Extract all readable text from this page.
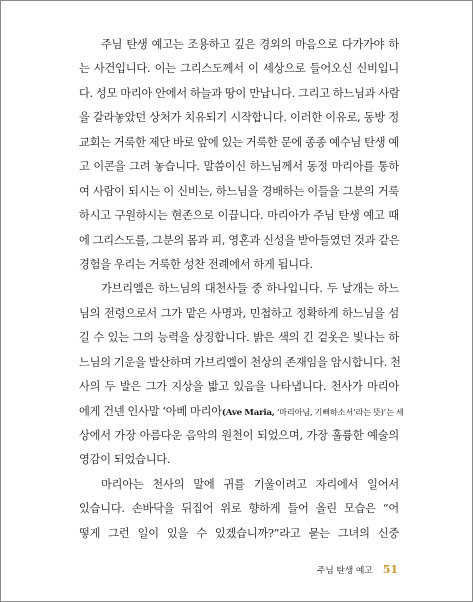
주님 탄생 예고는 조용하고 깊은 경외의 마음으로 다가가야 하
는 사건입니다. 이는 그리스도께서 이 세상으로 들어오신 신비입니
다. 성모 마리아 안에서 하늘과 땅이 만납니다. 그리고 하느님과 사람
을 갈라놓았던 상처가 치유되기 시작합니다. 이러한 이유로, 동방 정
교회는 거룩한 제단 바로 앞에 있는 거룩한 문에 종종 예수님 탄생 예
고 이콘을 그려 놓습니다. 말씀이신 하느님께서 동정 마리아를 통하
여 사람이 되시는 이 신비는, 하느님을 경배하는 이들을 그분의 거룩
하시고 구원하시는 현존으로 이끕니다. 마리아가 주님 탄생 예고 때
에 그리스도를, 그분의 몸과 피, 영혼과 신성을 받아들였던 것과 같은
경험을 우리는 거룩한 성찬 전례에서 하게 됩니다.

가브리엘은 하느님의 대천사들 중 하나입니다. 두 날개는 하느
님의 전령으로서 그가 맡은 사명과, 민첩하고 정확하게 하느님을 섬
길 수 있는 그의 능력을 상징합니다. 밝은 색의 긴 겉옷은 빛나는 하
느님의 기운을 발산하며 가브리엘이 천상의 존재임을 암시합니다. 천
사의 두 발은 그가 지상을 밟고 있음을 나타냅니다. 천사가 마리아
에게 건넨 인사말 ‘아베 마리아(Ave Maria, ‘마리아님, 기뻐하소서’라는 뜻)’는 세
상에서 가장 아름다운 음악의 원천이 되었으며, 가장 훌륭한 예술의
영감이 되었습니다.

마리아는 천사의 말에 귀를 기울이려고 자리에서 일어서
있습니다. 손바닥을 뒤집어 위로 향하게 들어 올린 모습은 “어
떻게 그런 일이 있을 수 있겠습니까?”라고 묻는 그녀의 신중

주님 탄생 예고 51
